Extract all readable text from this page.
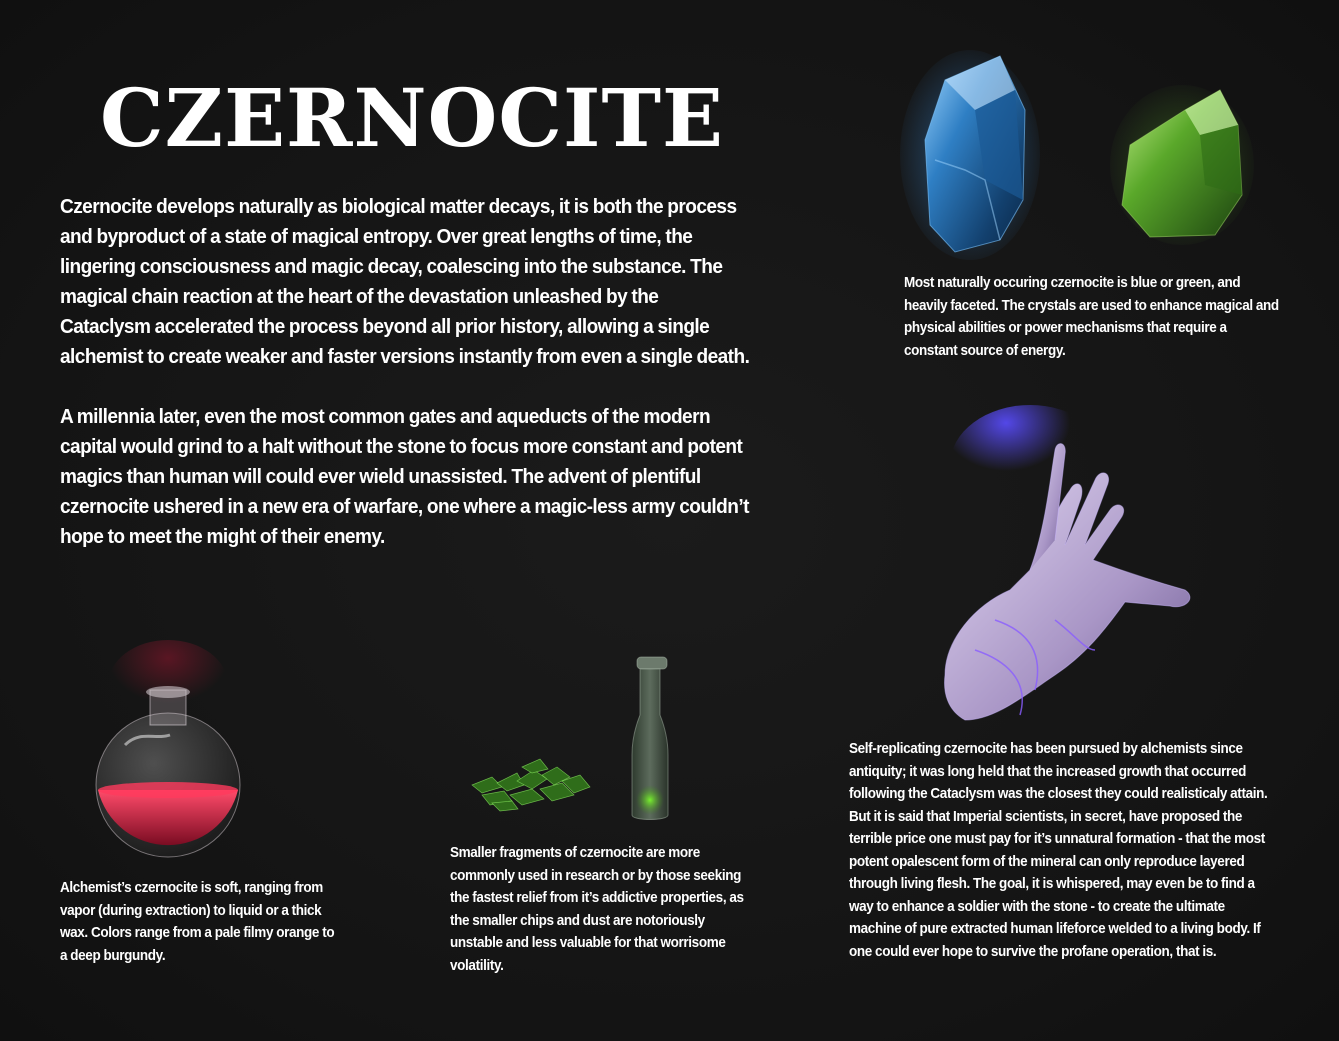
CZERNOCITE

Czernocite develops naturally as biological matter decays, it is both the process and byproduct of a state of magical entropy. Over great lengths of time, the lingering consciousness and magic decay, coalescing into the substance. The magical chain reaction at the heart of the devastation unleashed by the Cataclysm accelerated the process beyond all prior history, allowing a single alchemist to create weaker and faster versions instantly from even a single death.

A millennia later, even the most common gates and aqueducts of the modern capital would grind to a halt without the stone to focus more constant and potent magics than human will could ever wield unassisted. The advent of plentiful czernocite ushered in a new era of warfare, one where a magic-less army couldn’t hope to meet the might of their enemy.

Most naturally occuring czernocite is blue or green, and heavily faceted. The crystals are used to enhance magical and physical abilities or power mechanisms that require a constant source of energy.

Self-replicating czernocite has been pursued by alchemists since antiquity; it was long held that the increased growth that occurred following the Cataclysm was the closest they could realisticaly attain. But it is said that Imperial scientists, in secret, have proposed the terrible price one must pay for it’s unnatural formation - that the most potent opalescent form of the mineral can only reproduce layered through living flesh. The goal, it is whispered, may even be to find a way to enhance a soldier with the stone - to create the ultimate machine of pure extracted human lifeforce welded to a living body. If one could ever hope to survive the profane operation, that is.

Alchemist’s czernocite is soft, ranging from vapor (during extraction) to liquid or a thick wax. Colors range from a pale filmy orange to a deep burgundy.

Smaller fragments of czernocite are more commonly used in research or by those seeking the fastest relief from it’s addictive properties, as the smaller chips and dust are notoriously unstable and less valuable for that worrisome volatility.
